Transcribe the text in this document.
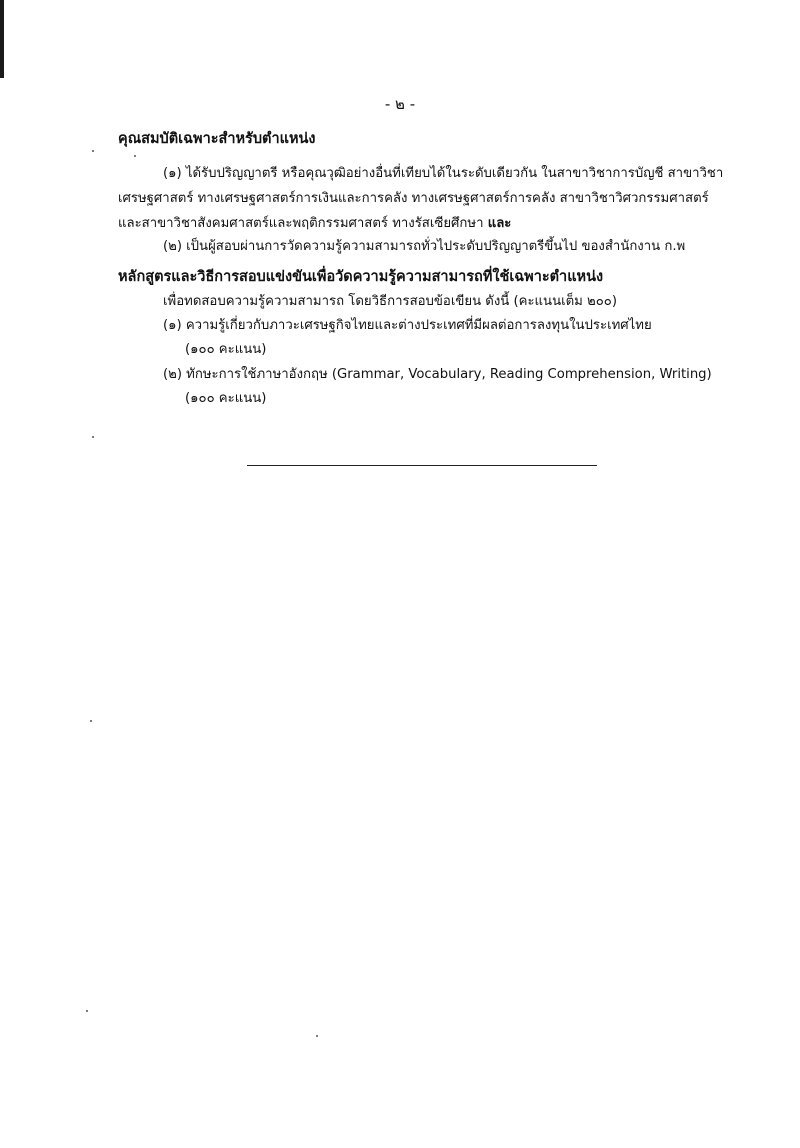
- ๒ -
คุณสมบัติเฉพาะสำหรับตำแหน่ง
(๑) ได้รับปริญญาตรี หรือคุณวุฒิอย่างอื่นที่เทียบได้ในระดับเดียวกัน ในสาขาวิชาการบัญชี สาขาวิชา
เศรษฐศาสตร์ ทางเศรษฐศาสตร์การเงินและการคลัง ทางเศรษฐศาสตร์การคลัง สาขาวิชาวิศวกรรมศาสตร์
และสาขาวิชาสังคมศาสตร์และพฤติกรรมศาสตร์ ทางรัสเซียศึกษา และ
(๒) เป็นผู้สอบผ่านการวัดความรู้ความสามารถทั่วไประดับปริญญาตรีขึ้นไป ของสำนักงาน ก.พ
หลักสูตรและวิธีการสอบแข่งขันเพื่อวัดความรู้ความสามารถที่ใช้เฉพาะตำแหน่ง
เพื่อทดสอบความรู้ความสามารถ โดยวิธีการสอบข้อเขียน ดังนี้ (คะแนนเต็ม ๒๐๐)
(๑) ความรู้เกี่ยวกับภาวะเศรษฐกิจไทยและต่างประเทศที่มีผลต่อการลงทุนในประเทศไทย
(๑๐๐ คะแนน)
(๒) ทักษะการใช้ภาษาอังกฤษ (Grammar, Vocabulary, Reading Comprehension, Writing)
(๑๐๐ คะแนน)
